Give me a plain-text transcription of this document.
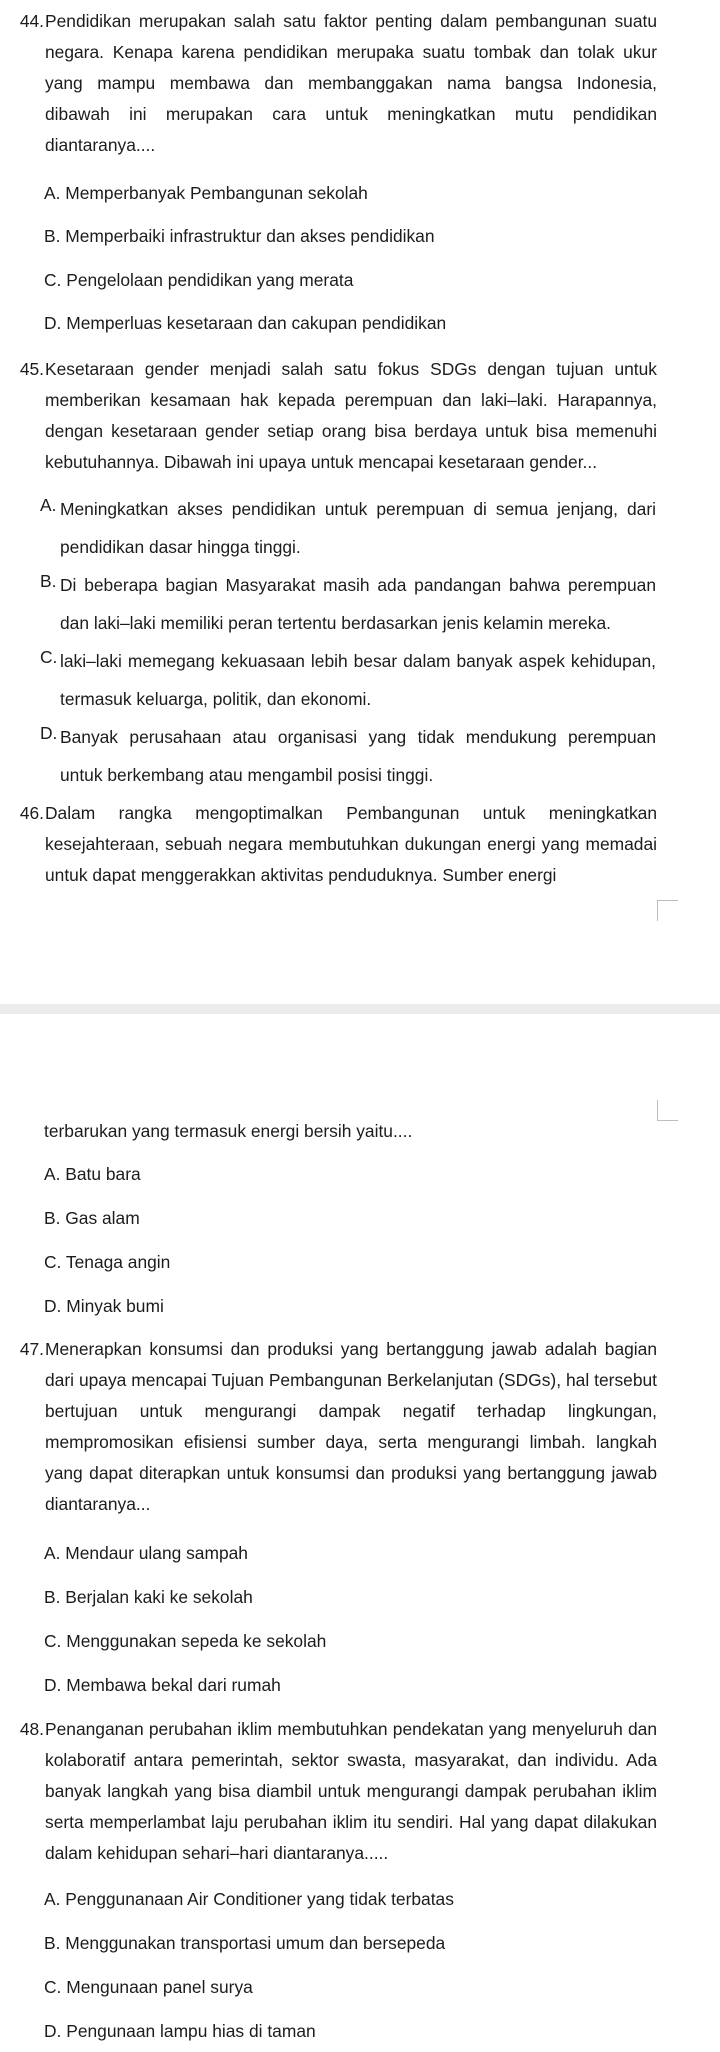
44. Pendidikan merupakan salah satu faktor penting dalam pembangunan suatu negara. Kenapa karena pendidikan merupaka suatu tombak dan tolak ukur yang mampu membawa dan membanggakan nama bangsa Indonesia, dibawah ini merupakan cara untuk meningkatkan mutu pendidikan diantaranya....
A. Memperbanyak Pembangunan sekolah
B. Memperbaiki infrastruktur dan akses pendidikan
C. Pengelolaan pendidikan yang merata
D. Memperluas kesetaraan dan cakupan pendidikan
45. Kesetaraan gender menjadi salah satu fokus SDGs dengan tujuan untuk memberikan kesamaan hak kepada perempuan dan laki–laki. Harapannya, dengan kesetaraan gender setiap orang bisa berdaya untuk bisa memenuhi kebutuhannya. Dibawah ini upaya untuk mencapai kesetaraan gender...
A. Meningkatkan akses pendidikan untuk perempuan di semua jenjang, dari pendidikan dasar hingga tinggi.
B. Di beberapa bagian Masyarakat masih ada pandangan bahwa perempuan dan laki–laki memiliki peran tertentu berdasarkan jenis kelamin mereka.
C. laki–laki memegang kekuasaan lebih besar dalam banyak aspek kehidupan, termasuk keluarga, politik, dan ekonomi.
D. Banyak perusahaan atau organisasi yang tidak mendukung perempuan untuk berkembang atau mengambil posisi tinggi.
46. Dalam rangka mengoptimalkan Pembangunan untuk meningkatkan kesejahteraan, sebuah negara membutuhkan dukungan energi yang memadai untuk dapat menggerakkan aktivitas penduduknya. Sumber energi
terbarukan yang termasuk energi bersih yaitu....
A. Batu bara
B. Gas alam
C. Tenaga angin
D. Minyak bumi
47. Menerapkan konsumsi dan produksi yang bertanggung jawab adalah bagian dari upaya mencapai Tujuan Pembangunan Berkelanjutan (SDGs), hal tersebut bertujuan untuk mengurangi dampak negatif terhadap lingkungan, mempromosikan efisiensi sumber daya, serta mengurangi limbah. langkah yang dapat diterapkan untuk konsumsi dan produksi yang bertanggung jawab diantaranya...
A. Mendaur ulang sampah
B. Berjalan kaki ke sekolah
C. Menggunakan sepeda ke sekolah
D. Membawa bekal dari rumah
48. Penanganan perubahan iklim membutuhkan pendekatan yang menyeluruh dan kolaboratif antara pemerintah, sektor swasta, masyarakat, dan individu. Ada banyak langkah yang bisa diambil untuk mengurangi dampak perubahan iklim serta memperlambat laju perubahan iklim itu sendiri. Hal yang dapat dilakukan dalam kehidupan sehari–hari diantaranya.....
A. Penggunanaan Air Conditioner yang tidak terbatas
B. Menggunakan transportasi umum dan bersepeda
C. Mengunaan panel surya
D. Pengunaan lampu hias di taman
